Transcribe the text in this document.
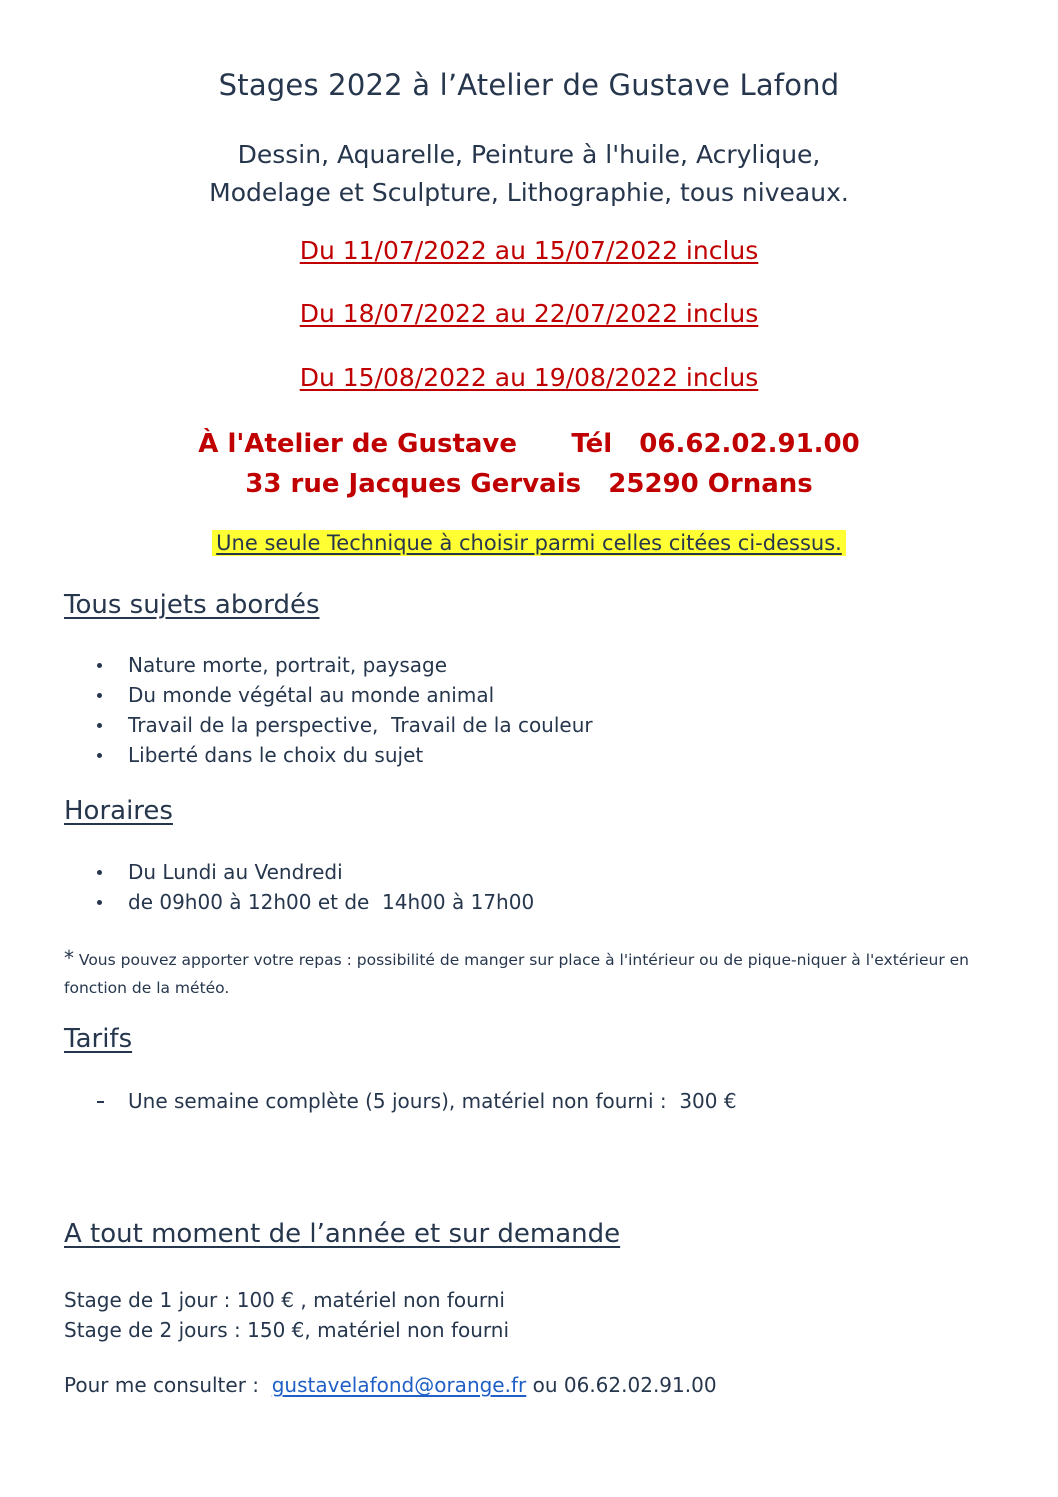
Stages 2022 à l’Atelier de Gustave Lafond
Dessin, Aquarelle, Peinture à l'huile, Acrylique,
Modelage et Sculpture, Lithographie, tous niveaux.
Du 11/07/2022 au 15/07/2022 inclus
Du 18/07/2022 au 22/07/2022 inclus
Du 15/08/2022 au 19/08/2022 inclus
À l'Atelier de Gustave      Tél   06.62.02.91.00
33 rue Jacques Gervais   25290 Ornans
Une seule Technique à choisir parmi celles citées ci-dessus.
Tous sujets abordés
Nature morte, portrait, paysage
Du monde végétal au monde animal
Travail de la perspective,  Travail de la couleur
Liberté dans le choix du sujet
Horaires
Du Lundi au Vendredi
de 09h00 à 12h00 et de  14h00 à 17h00
* Vous pouvez apporter votre repas : possibilité de manger sur place à l'intérieur ou de pique-niquer à l'extérieur en fonction de la météo.
Tarifs
Une semaine complète (5 jours), matériel non fourni :  300 €
A tout moment de l’année et sur demande
Stage de 1 jour : 100 € , matériel non fourni
Stage de 2 jours : 150 €, matériel non fourni
Pour me consulter :  gustavelafond@orange.fr ou 06.62.02.91.00
